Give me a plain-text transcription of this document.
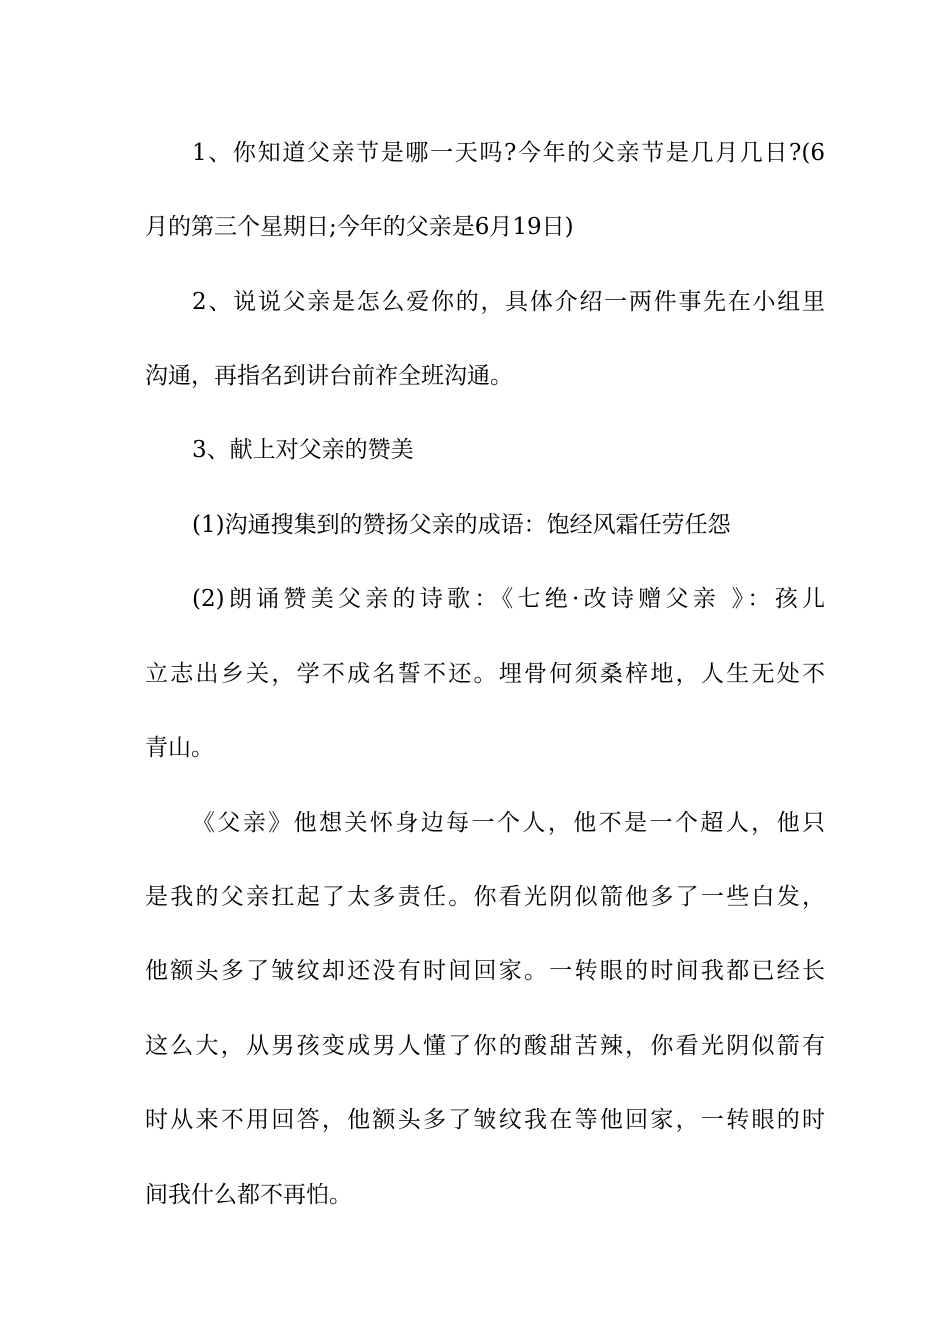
1、你知道父亲节是哪一天吗?今年的父亲节是几月几日?(6
月的第三个星期日;今年的父亲是6月19日)
2、说说父亲是怎么爱你的，具体介绍一两件事先在小组里
沟通，再指名到讲台前祚全班沟通。
3、献上对父亲的赞美
(1)沟通搜集到的赞扬父亲的成语：饱经风霜任劳任怨
(2)朗诵赞美父亲的诗歌：《七绝·改诗赠父亲 》：孩儿
立志出乡关，学不成名誓不还。埋骨何须桑梓地，人生无处不
青山。
《父亲》他想关怀身边每一个人，他不是一个超人，他只
是我的父亲扛起了太多责任。你看光阴似箭他多了一些白发，
他额头多了皱纹却还没有时间回家。一转眼的时间我都已经长
这么大，从男孩变成男人懂了你的酸甜苦辣，你看光阴似箭有
时从来不用回答，他额头多了皱纹我在等他回家，一转眼的时
间我什么都不再怕。
